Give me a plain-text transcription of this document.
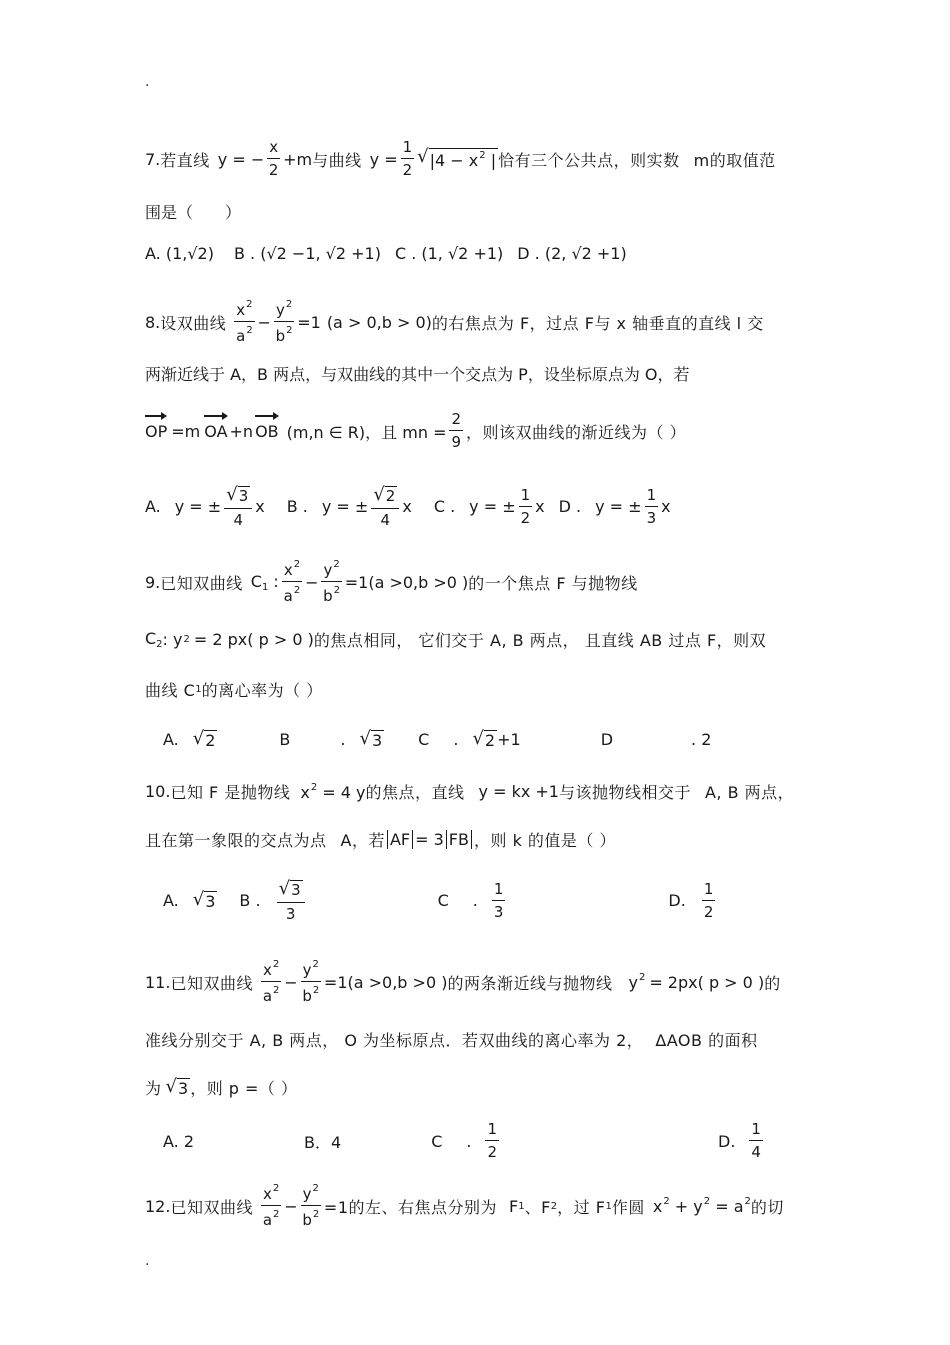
.
.
7. 若直线 y = − $\frac{x}{2} +m$ 与曲线 $y = \frac{1}{2}$ √ $|4 - x^2$ | 恰有三个公共点，则实数 m的取值范
围是（　　）
A. (1,√2) B . (√2 −1, √2 +1) C . (1, √2 +1) D . (2, √2 +1)
8. 设双曲线 $\frac{x^2}{a^2} - \frac{y^2}{b^2} =1$ (a > 0,b > 0) 的右焦点为 F，过点 F与 x 轴垂直的直线 l 交
两渐近线于 A，B 两点，与双曲线的其中一个交点为 P，设坐标原点为 O，若
OP =m OA +n OB (m,n ∈ R)，且 mn = $\frac{2}{9}$ ，则该双曲线的渐近线为（ ）
A. y = ± $\frac{√ 3}{4}$ x B . y = ± $\frac{√ 2}{4}$ x C . y = ± $\frac{1}{2}$ x D . y = ± $\frac{1}{3}$ x
9. 已知双曲线 $C_1$ : $\frac{x^2}{a^2} - \frac{y^2}{b^2} =1(a >0,b >0$ ) 的一个焦点 F 与抛物线
$C_2$ : y 2 = 2 px( p > 0 ) 的焦点相同， 它们交于 A, B 两点， 且直线 AB 过点 F，则双
曲线 C 1 的离心率为（ ）
A. √ 2	B	. √ 3 C . √ 2 +1	D	. 2
10. 已知 F 是抛物线 $x^2 = 4$ y 的焦点，直线 y = kx +1 与该抛物线相交于 A, B 两点，
且在第一象限的交点为点 A，若 AF = 3 FB ，则 k 的值是（ ）
A. √ 3 B . $\frac{√ 3}{3}$	C . $\frac{1}{3}$	D. $\frac{1}{2}$
11. 已知双曲线 $\frac{x^2}{a^2} - \frac{y^2}{b^2} =1(a >0,b >0$ ) 的两条渐近线与抛物线 $y^2 = 2px$( p > 0 ) 的
准线分别交于 A, B 两点， O 为坐标原点．若双曲线的离心率为 2， ΔAOB 的面积
为 √ 3 ，则 p =（ ）
A. 2	B．4	C . $\frac{1}{2}$	D. $\frac{1}{4}$
12. 已知双曲线 $\frac{x^2}{a^2} - \frac{y^2}{b^2} =1$的左、右焦点分别为 F 1 、F 2 ，过 F 1 作圆 $x^2 + y^2 = a^2$ 的切
